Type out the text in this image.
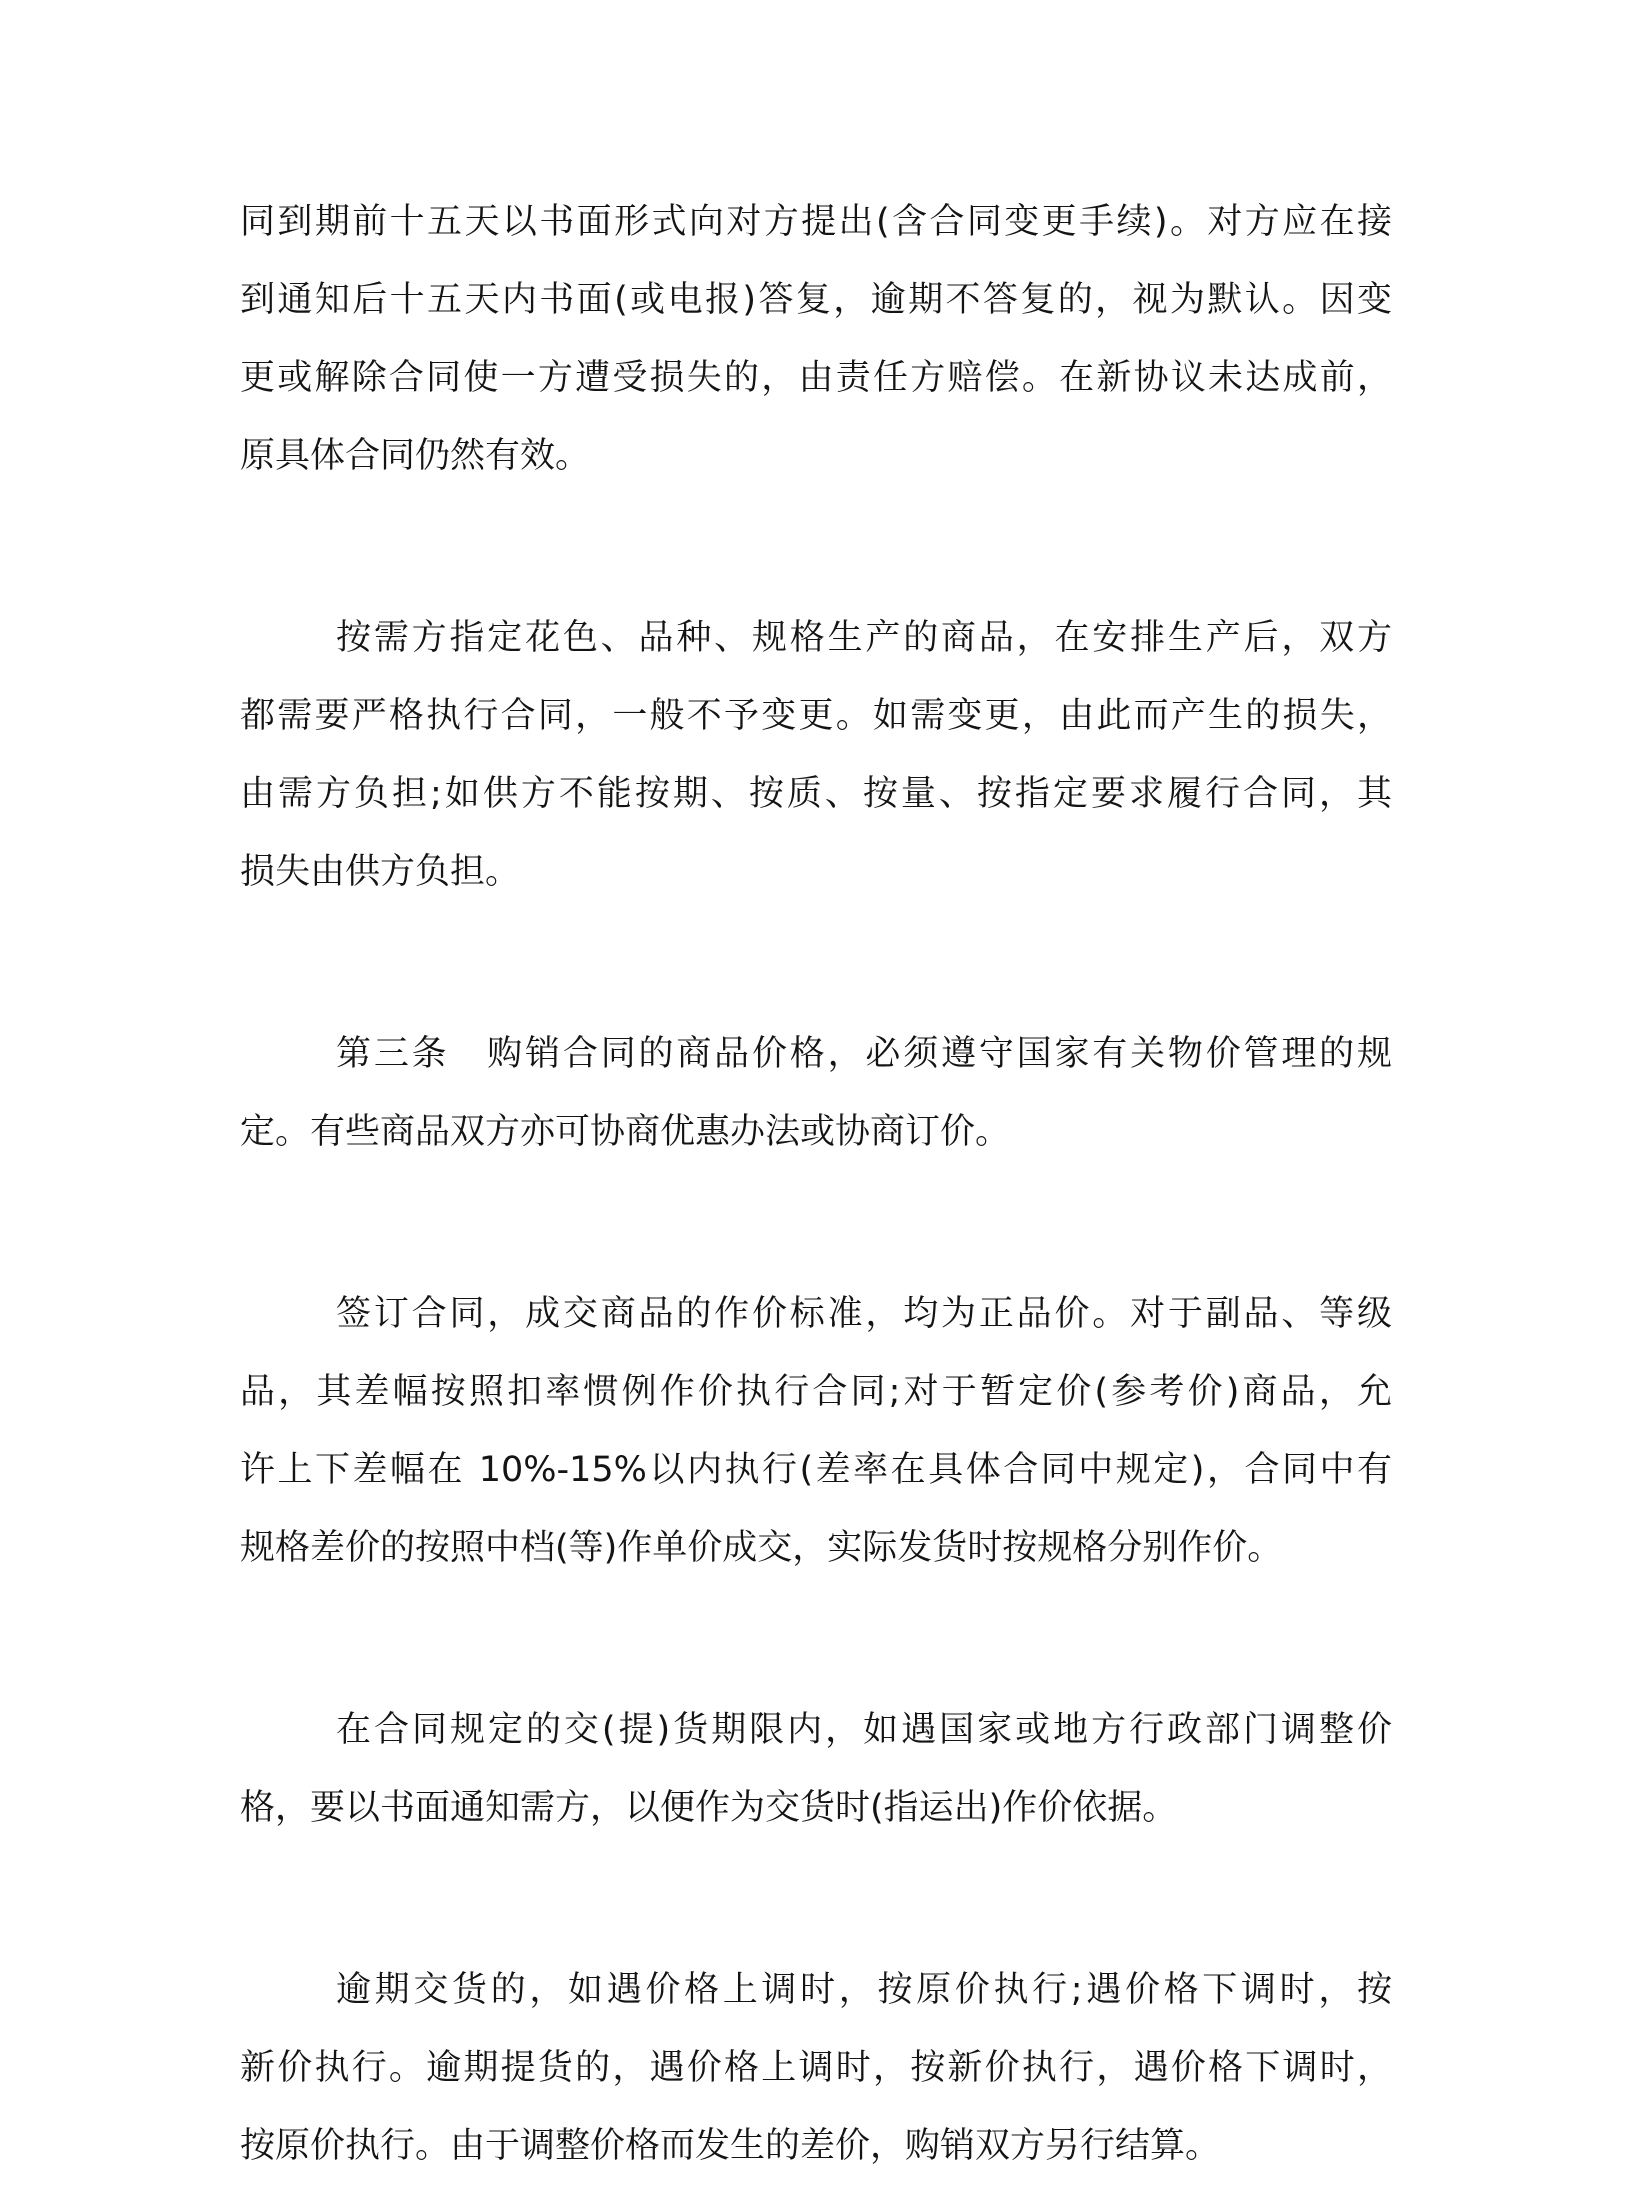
同到期前十五天以书面形式向对方提出(含合同变更手续)。对方应在接
到通知后十五天内书面(或电报)答复，逾期不答复的，视为默认。因变
更或解除合同使一方遭受损失的，由责任方赔偿。在新协议未达成前，
原具体合同仍然有效。
按需方指定花色、品种、规格生产的商品，在安排生产后，双方
都需要严格执行合同，一般不予变更。如需变更，由此而产生的损失，
由需方负担;如供方不能按期、按质、按量、按指定要求履行合同，其
损失由供方负担。
第三条　购销合同的商品价格，必须遵守国家有关物价管理的规
定。有些商品双方亦可协商优惠办法或协商订价。
签订合同，成交商品的作价标准，均为正品价。对于副品、等级
品，其差幅按照扣率惯例作价执行合同;对于暂定价(参考价)商品，允
许上下差幅在 10%-15%以内执行(差率在具体合同中规定)，合同中有
规格差价的按照中档(等)作单价成交，实际发货时按规格分别作价。
在合同规定的交(提)货期限内，如遇国家或地方行政部门调整价
格，要以书面通知需方，以便作为交货时(指运出)作价依据。
逾期交货的，如遇价格上调时，按原价执行;遇价格下调时，按
新价执行。逾期提货的，遇价格上调时，按新价执行，遇价格下调时，
按原价执行。由于调整价格而发生的差价，购销双方另行结算。
